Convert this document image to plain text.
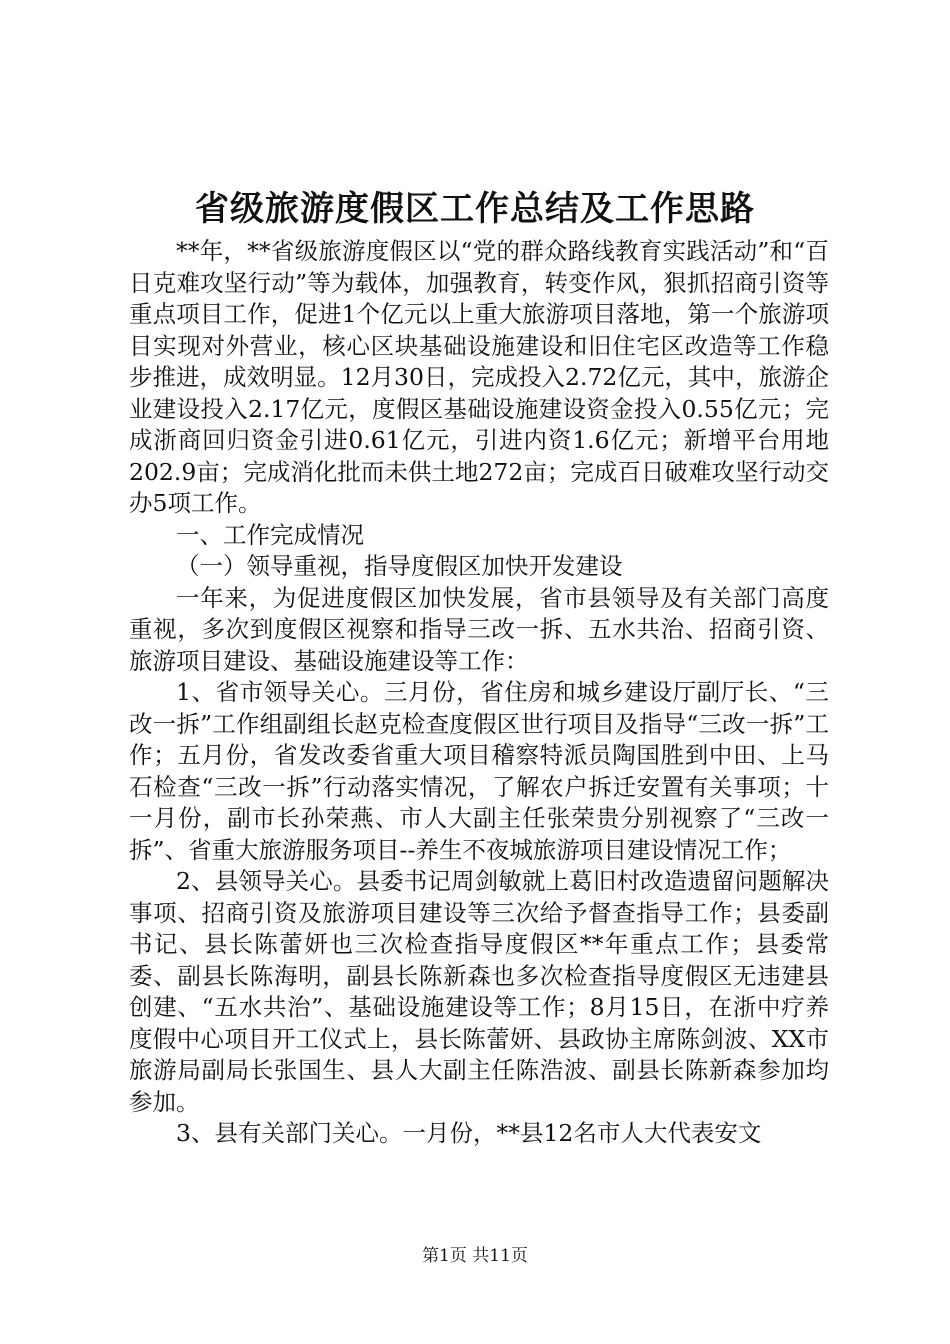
省级旅游度假区工作总结及工作思路

**年，**省级旅游度假区以“党的群众路线教育实践活动”和“百日克难攻坚行动”等为载体，加强教育，转变作风，狠抓招商引资等重点项目工作，促进1个亿元以上重大旅游项目落地，第一个旅游项目实现对外营业，核心区块基础设施建设和旧住宅区改造等工作稳步推进，成效明显。12月30日，完成投入2.72亿元，其中，旅游企业建设投入2.17亿元，度假区基础设施建设资金投入0.55亿元；完成浙商回归资金引进0.61亿元，引进内资1.6亿元；新增平台用地202.9亩；完成消化批而未供土地272亩；完成百日破难攻坚行动交办5项工作。

一、工作完成情况

（一）领导重视，指导度假区加快开发建设

一年来，为促进度假区加快发展，省市县领导及有关部门高度重视，多次到度假区视察和指导三改一拆、五水共治、招商引资、旅游项目建设、基础设施建设等工作：

1、省市领导关心。三月份，省住房和城乡建设厅副厅长、“三改一拆”工作组副组长赵克检查度假区世行项目及指导“三改一拆”工作；五月份，省发改委省重大项目稽察特派员陶国胜到中田、上马石检查“三改一拆”行动落实情况，了解农户拆迁安置有关事项；十一月份，副市长孙荣燕、市人大副主任张荣贵分别视察了“三改一拆”、省重大旅游服务项目--养生不夜城旅游项目建设情况工作；

2、县领导关心。县委书记周剑敏就上葛旧村改造遗留问题解决事项、招商引资及旅游项目建设等三次给予督查指导工作；县委副书记、县长陈蕾妍也三次检查指导度假区**年重点工作；县委常委、副县长陈海明，副县长陈新森也多次检查指导度假区无违建县创建、“五水共治”、基础设施建设等工作；8月15日，在浙中疗养度假中心项目开工仪式上，县长陈蕾妍、县政协主席陈剑波、XX市旅游局副局长张国生、县人大副主任陈浩波、副县长陈新森参加均参加。

3、县有关部门关心。一月份，**县12名市人大代表安文

第1页 共11页
